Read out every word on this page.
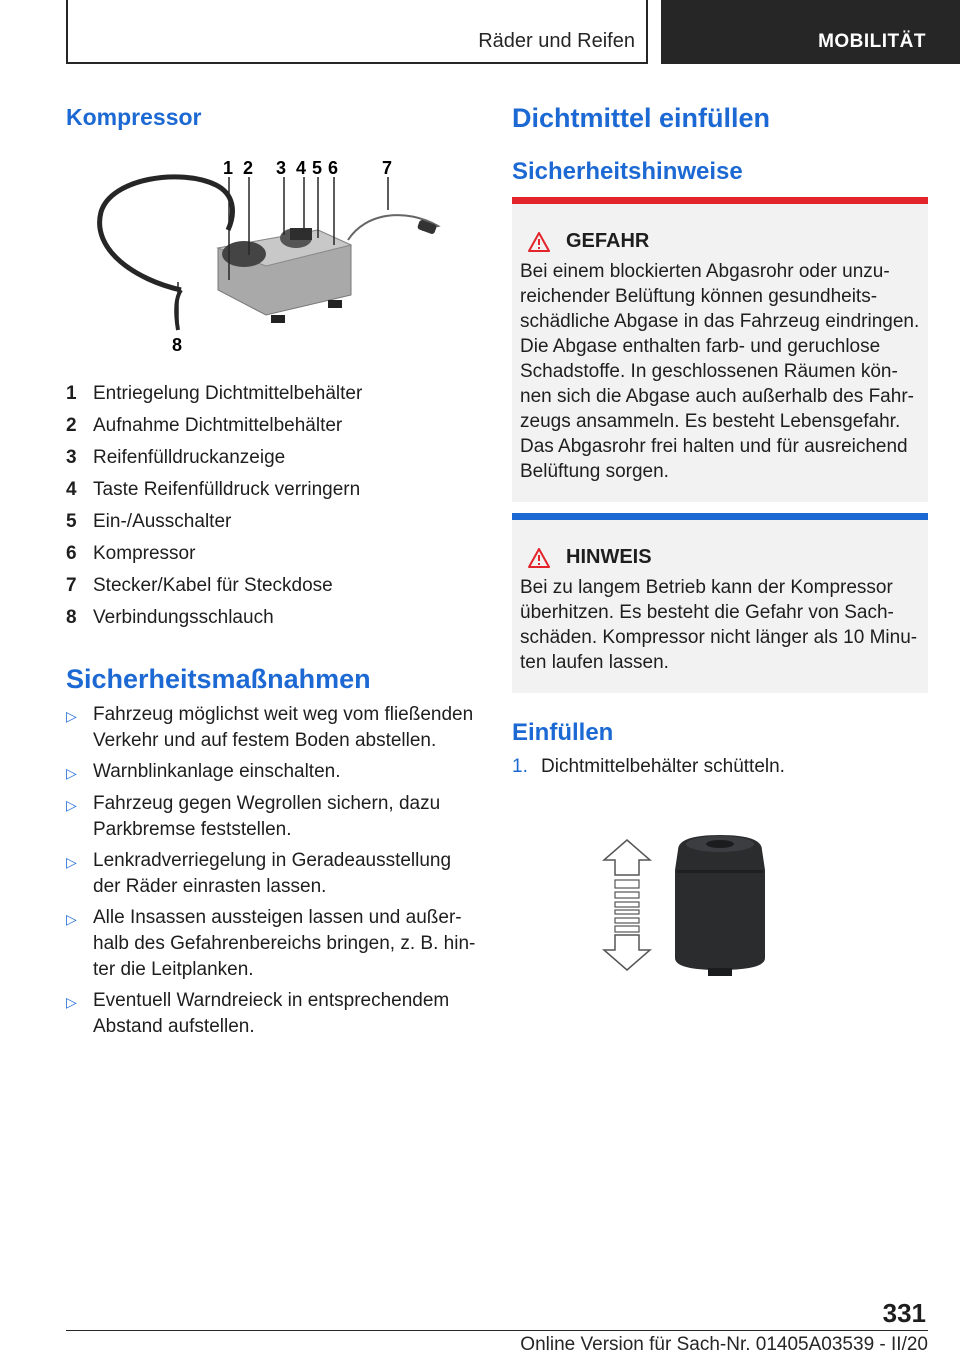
Räder und Reifen	MOBILITÄT
Kompressor
1 2 3 4 5 6 7
8
1 Entriegelung Dichtmittelbehälter
2 Aufnahme Dichtmittelbehälter
3 Reifenfülldruckanzeige
4 Taste Reifenfülldruck verringern
5 Ein-/Ausschalter
6 Kompressor
7 Stecker/Kabel für Steckdose
8 Verbindungsschlauch
Sicherheitsmaßnahmen
▷ Fahrzeug möglichst weit weg vom fließenden
Verkehr und auf festem Boden abstellen.
▷ Warnblinkanlage einschalten.
▷ Fahrzeug gegen Wegrollen sichern, dazu
Parkbremse feststellen.
▷ Lenkradverriegelung in Geradeausstellung
der Räder einrasten lassen.
▷ Alle Insassen aussteigen lassen und außer-
halb des Gefahrenbereichs bringen, z. B. hin-
ter die Leitplanken.
▷ Eventuell Warndreieck in entsprechendem
Abstand aufstellen.
Dichtmittel einfüllen
Sicherheitshinweise
GEFAHR
Bei einem blockierten Abgasrohr oder unzu-
reichender Belüftung können gesundheits-
schädliche Abgase in das Fahrzeug eindringen.
Die Abgase enthalten farb- und geruchlose
Schadstoffe. In geschlossenen Räumen kön-
nen sich die Abgase auch außerhalb des Fahr-
zeugs ansammeln. Es besteht Lebensgefahr.
Das Abgasrohr frei halten und für ausreichend
Belüftung sorgen.
HINWEIS
Bei zu langem Betrieb kann der Kompressor
überhitzen. Es besteht die Gefahr von Sach-
schäden. Kompressor nicht länger als 10 Minu-
ten laufen lassen.
Einfüllen
1. Dichtmittelbehälter schütteln.
331
Online Version für Sach-Nr. 01405A03539 - II/20
